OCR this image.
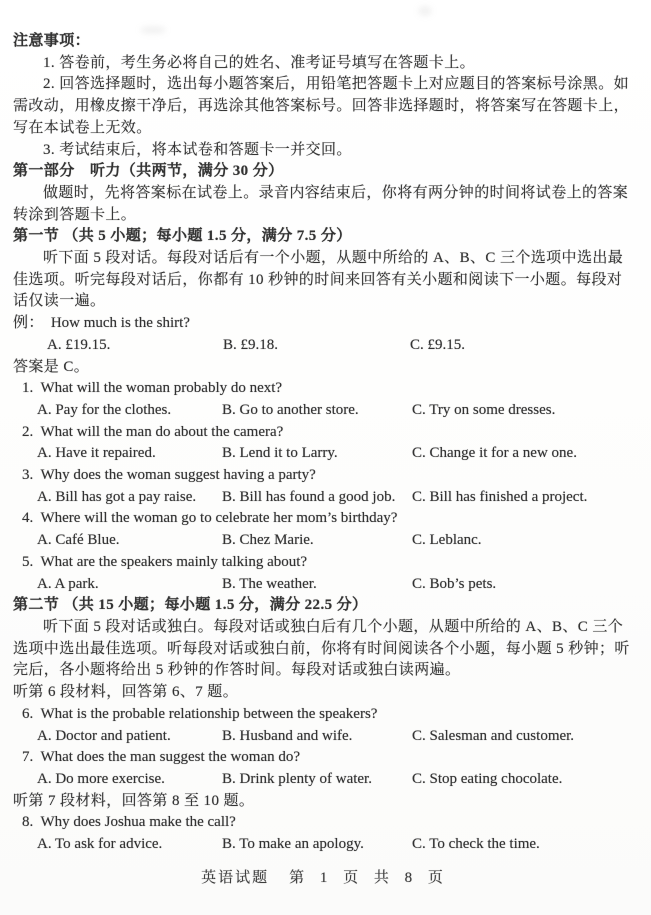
注意事项：

1. 答卷前，考生务必将自己的姓名、准考证号填写在答题卡上。

2. 回答选择题时，选出每小题答案后，用铅笔把答题卡上对应题目的答案标号涂黑。如需改动，用橡皮擦干净后，再选涂其他答案标号。回答非选择题时，将答案写在答题卡上，写在本试卷上无效。

3. 考试结束后，将本试卷和答题卡一并交回。

第一部分　听力（共两节，满分 30 分）

做题时，先将答案标在试卷上。录音内容结束后，你将有两分钟的时间将试卷上的答案转涂到答题卡上。

第一节 （共 5 小题；每小题 1.5 分，满分 7.5 分）

听下面 5 段对话。每段对话后有一个小题，从题中所给的 A、B、C 三个选项中选出最佳选项。听完每段对话后，你都有 10 秒钟的时间来回答有关小题和阅读下一小题。每段对话仅读一遍。

例： How much is the shirt?
A. £19.15.	B. £9.18.	C. £9.15.
答案是 C。
1. What will the woman probably do next?
A. Pay for the clothes.	B. Go to another store.	C. Try on some dresses.
2. What will the man do about the camera?
A. Have it repaired.	B. Lend it to Larry.	C. Change it for a new one.
3. Why does the woman suggest having a party?
A. Bill has got a pay raise.	B. Bill has found a good job.	C. Bill has finished a project.
4. Where will the woman go to celebrate her mom’s birthday?
A. Café Blue.	B. Chez Marie.	C. Leblanc.
5. What are the speakers mainly talking about?
A. A park.	B. The weather.	C. Bob’s pets.
第二节 （共 15 小题；每小题 1.5 分，满分 22.5 分）

听下面 5 段对话或独白。每段对话或独白后有几个小题，从题中所给的 A、B、C 三个选项中选出最佳选项。听每段对话或独白前，你将有时间阅读各个小题，每小题 5 秒钟；听完后，各小题将给出 5 秒钟的作答时间。每段对话或独白读两遍。

听第 6 段材料，回答第 6、7 题。
6. What is the probable relationship between the speakers?
A. Doctor and patient.	B. Husband and wife.	C. Salesman and customer.
7. What does the man suggest the woman do?
A. Do more exercise.	B. Drink plenty of water.	C. Stop eating chocolate.
听第 7 段材料，回答第 8 至 10 题。
8. Why does Joshua make the call?
A. To ask for advice.	B. To make an apology.	C. To check the time.
英语试题 第 1 页 共 8 页
